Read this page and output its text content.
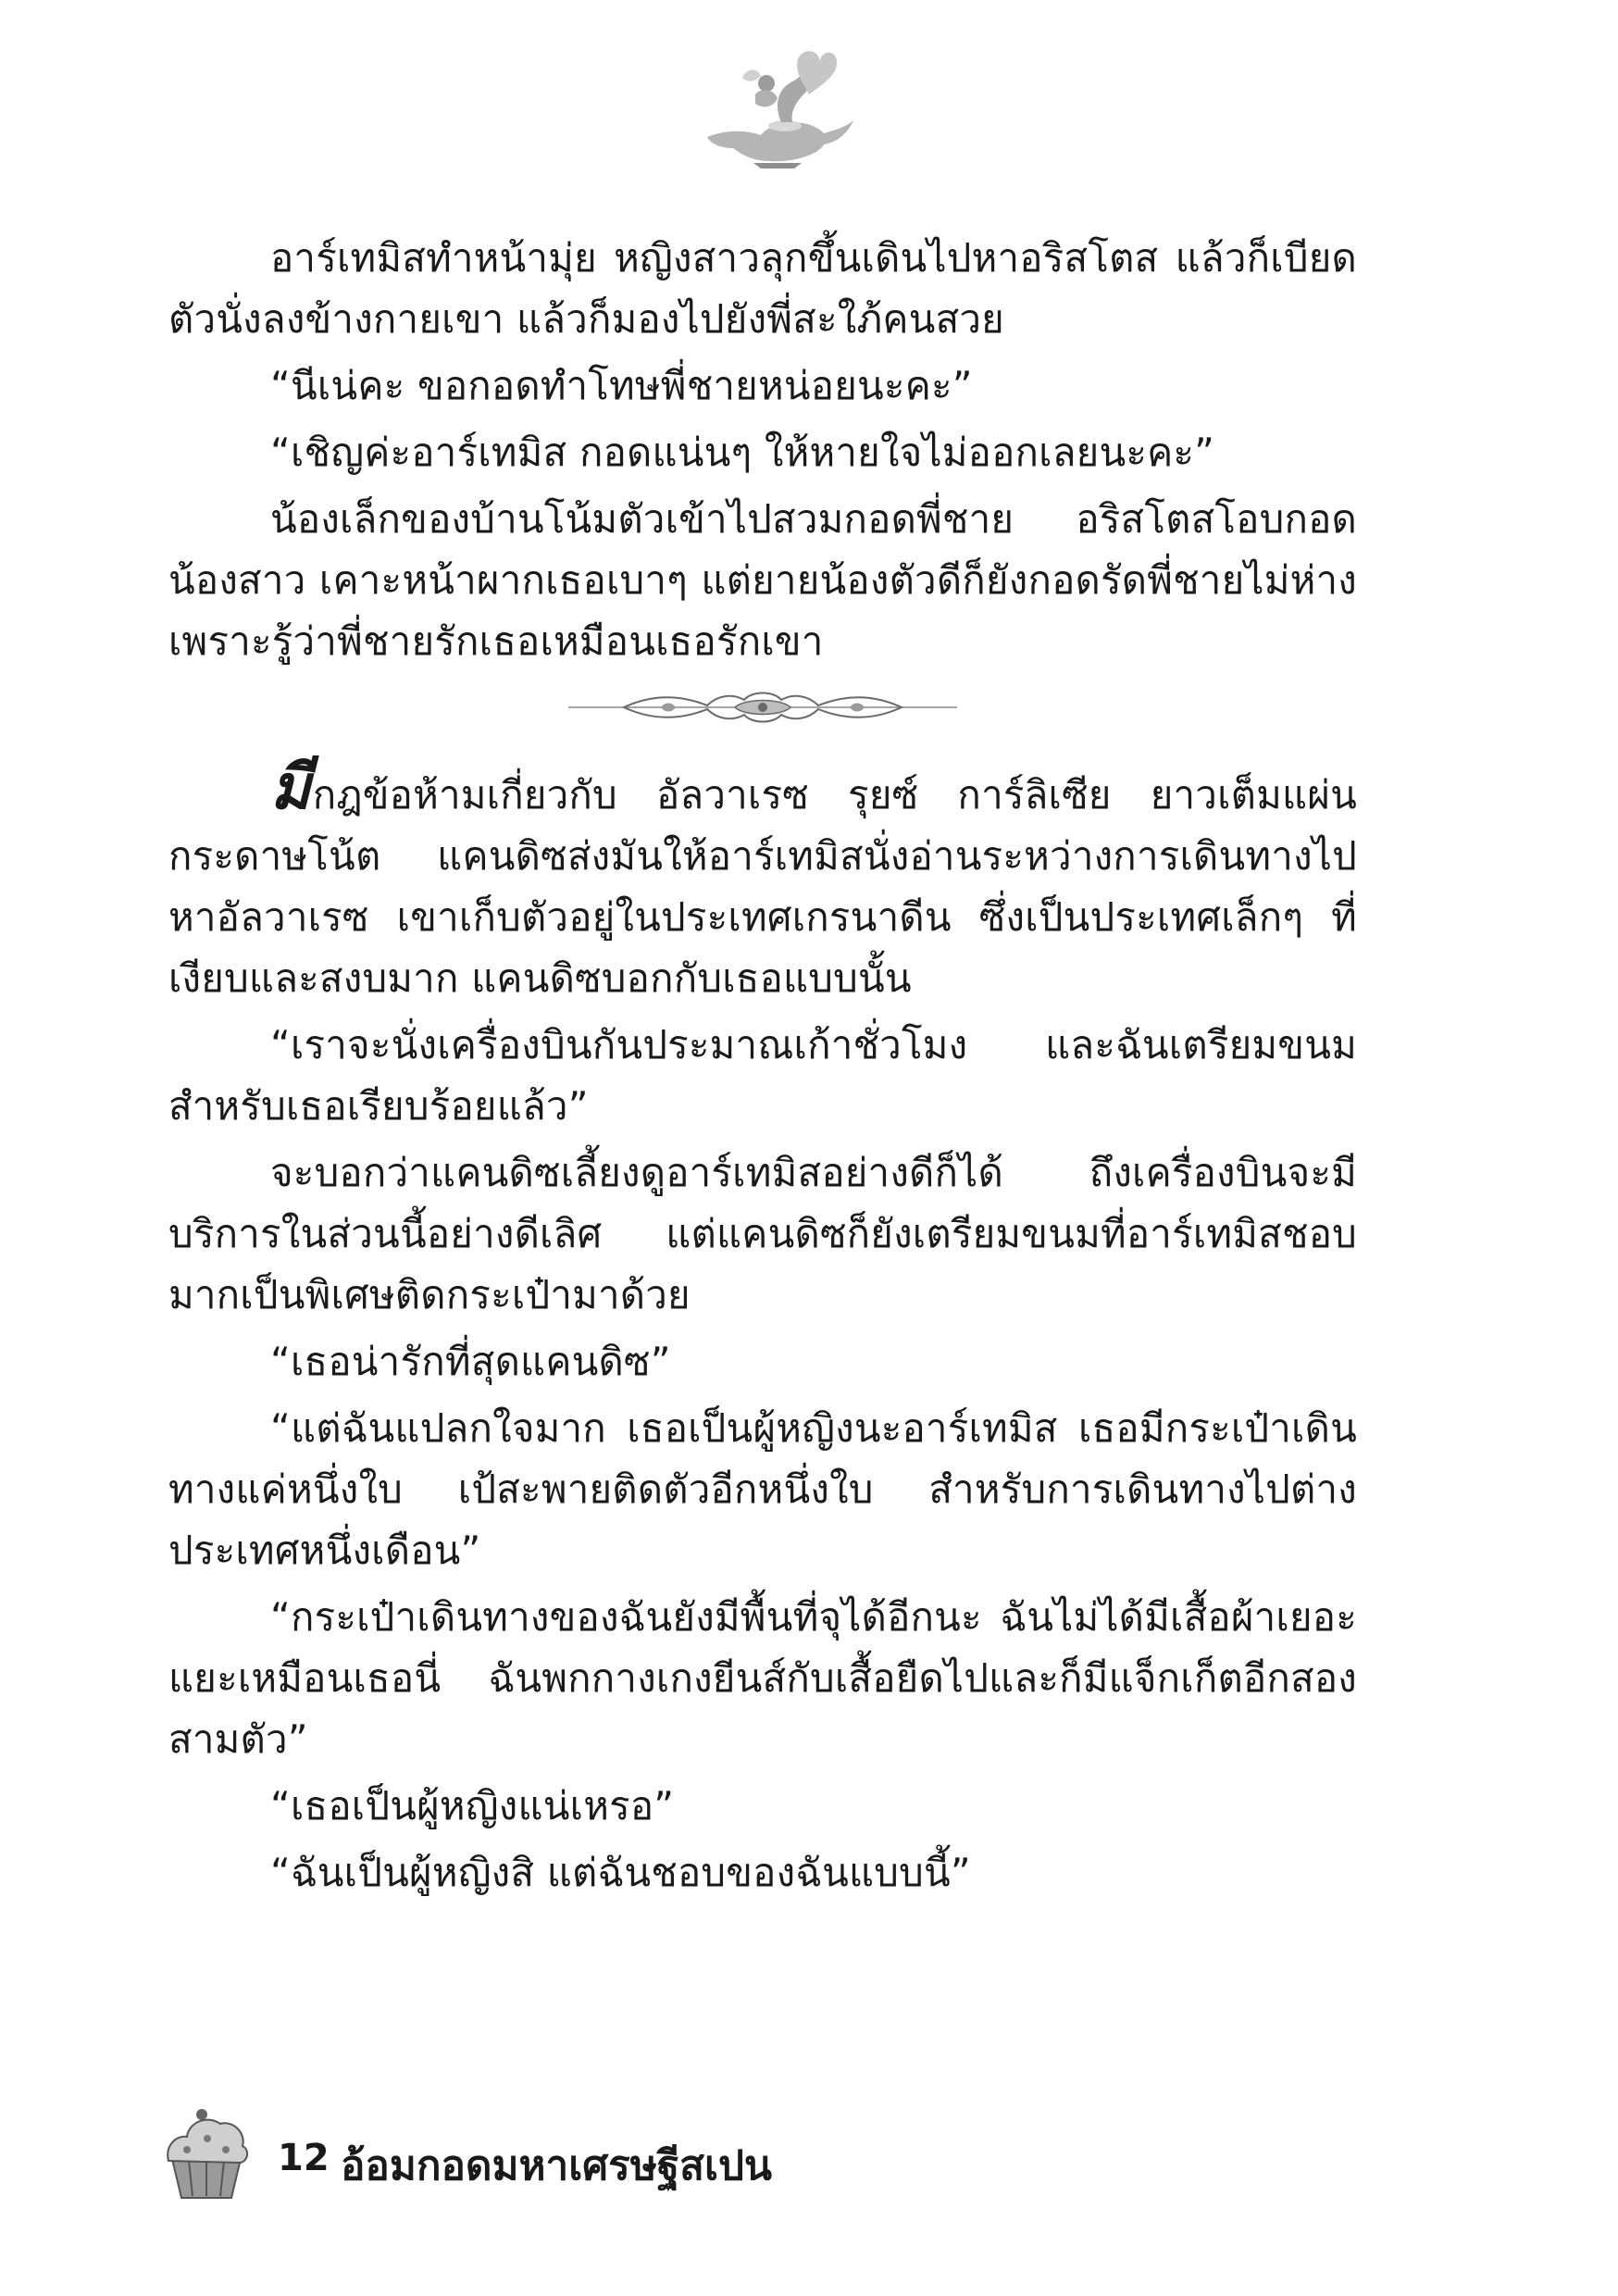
อาร์เทมิสทำหน้ามุ่ย หญิงสาวลุกขึ้นเดินไปหาอริสโตส แล้วก็เบียดตัวนั่งลงข้างกายเขา แล้วก็มองไปยังพี่สะใภ้คนสวย

“นีเน่คะ ขอกอดทำโทษพี่ชายหน่อยนะคะ”

“เชิญค่ะอาร์เทมิส กอดแน่นๆ ให้หายใจไม่ออกเลยนะคะ”

น้องเล็กของบ้านโน้มตัวเข้าไปสวมกอดพี่ชาย อริสโตสโอบกอดน้องสาว เคาะหน้าผากเธอเบาๆ แต่ยายน้องตัวดีก็ยังกอดรัดพี่ชายไม่ห่าง เพราะรู้ว่าพี่ชายรักเธอเหมือนเธอรักเขา

มีกฎข้อห้ามเกี่ยวกับ อัลวาเรซ รุยซ์ การ์ลิเซีย ยาวเต็มแผ่นกระดาษโน้ต แคนดิซส่งมันให้อาร์เทมิสนั่งอ่านระหว่างการเดินทางไปหาอัลวาเรซ เขาเก็บตัวอยู่ในประเทศเกรนาดีน ซึ่งเป็นประเทศเล็กๆ ที่เงียบและสงบมาก แคนดิซบอกกับเธอแบบนั้น

“เราจะนั่งเครื่องบินกันประมาณเก้าชั่วโมง และฉันเตรียมขนมสำหรับเธอเรียบร้อยแล้ว”

จะบอกว่าแคนดิซเลี้ยงดูอาร์เทมิสอย่างดีก็ได้ ถึงเครื่องบินจะมีบริการในส่วนนี้อย่างดีเลิศ แต่แคนดิซก็ยังเตรียมขนมที่อาร์เทมิสชอบมากเป็นพิเศษติดกระเป๋ามาด้วย

“เธอน่ารักที่สุดแคนดิซ”

“แต่ฉันแปลกใจมาก เธอเป็นผู้หญิงนะอาร์เทมิส เธอมีกระเป๋าเดินทางแค่หนึ่งใบ เป้สะพายติดตัวอีกหนึ่งใบ สำหรับการเดินทางไปต่างประเทศหนึ่งเดือน”

“กระเป๋าเดินทางของฉันยังมีพื้นที่จุได้อีกนะ ฉันไม่ได้มีเสื้อผ้าเยอะแยะเหมือนเธอนี่ ฉันพกกางเกงยีนส์กับเสื้อยืดไปและก็มีแจ็กเก็ตอีกสองสามตัว”

“เธอเป็นผู้หญิงแน่เหรอ”

“ฉันเป็นผู้หญิงสิ แต่ฉันชอบของฉันแบบนี้”

12 อ้อมกอดมหาเศรษฐีสเปน
